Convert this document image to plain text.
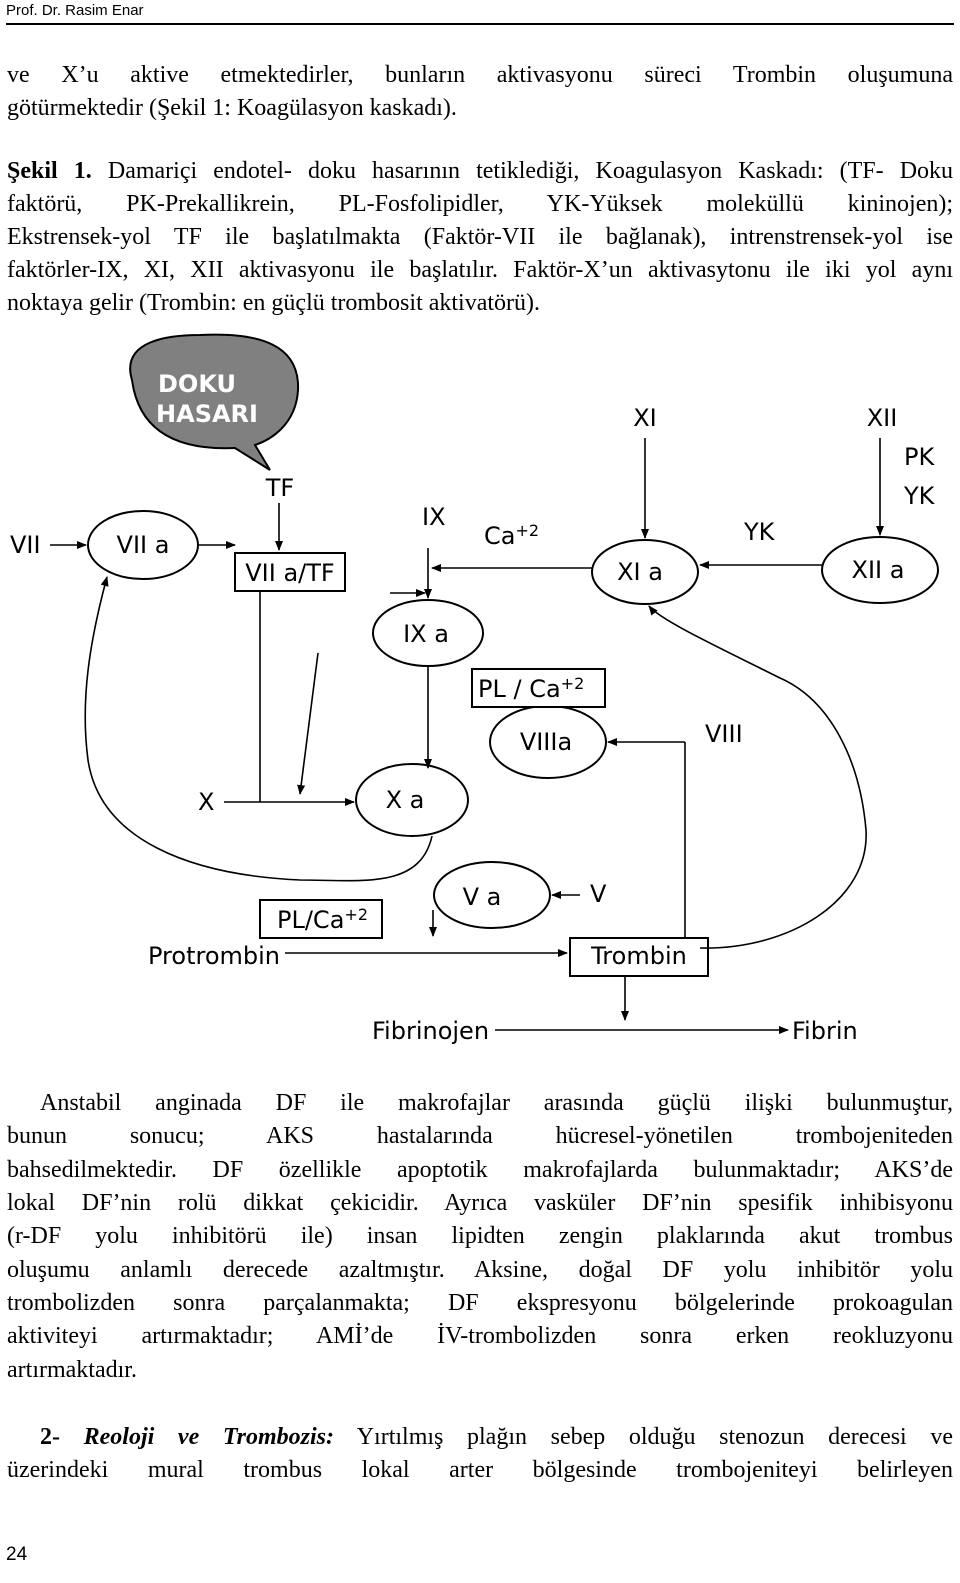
Prof. Dr. Rasim Enar
ve X’u aktive etmektedirler, bunların aktivasyonu süreci Trombin oluşumuna
götürmektedir (Şekil 1: Koagülasyon kaskadı).
Şekil 1. Damariçi endotel- doku hasarının tetiklediği, Koagulasyon Kaskadı: (TF- Doku
faktörü, PK-Prekallikrein, PL-Fosfolipidler, YK-Yüksek moleküllü kininojen);
Ekstrensek-yol TF ile başlatılmakta (Faktör-VII ile bağlanak), intrenstrensek-yol ise
faktörler-IX, XI, XII aktivasyonu ile başlatılır. Faktör-X’un aktivasytonu ile iki yol aynı
noktaya gelir (Trombin: en güçlü trombosit aktivatörü).
DOKU
HASARI
VII	VII a
TF
VII a/TF
IX
$Ca^{+2}$
XI	XII
PK
YK
YK
XI a	XII a
IX a
PL / $Ca^{+2}$
VIIIa	VIII
X	X a
V a	V
$PL/Ca^{+2}$
Protrombin	Trombin
Fibrinojen	Fibrin
Anstabil anginada DF ile makrofajlar arasında güçlü ilişki bulunmuştur,
bunun sonucu; AKS hastalarında hücresel-yönetilen trombojeniteden
bahsedilmektedir. DF özellikle apoptotik makrofajlarda bulunmaktadır; AKS’de
lokal DF’nin rolü dikkat çekicidir. Ayrıca vasküler DF’nin spesifik inhibisyonu
(r-DF yolu inhibitörü ile) insan lipidten zengin plaklarında akut trombus
oluşumu anlamlı derecede azaltmıştır. Aksine, doğal DF yolu inhibitör yolu
trombolizden sonra parçalanmakta; DF ekspresyonu bölgelerinde prokoagulan
aktiviteyi artırmaktadır; AMİ’de İV-trombolizden sonra erken reokluzyonu
artırmaktadır.
2- Reoloji ve Trombozis: Yırtılmış plağın sebep olduğu stenozun derecesi ve
üzerindeki mural trombus lokal arter bölgesinde trombojeniteyi belirleyen
24
